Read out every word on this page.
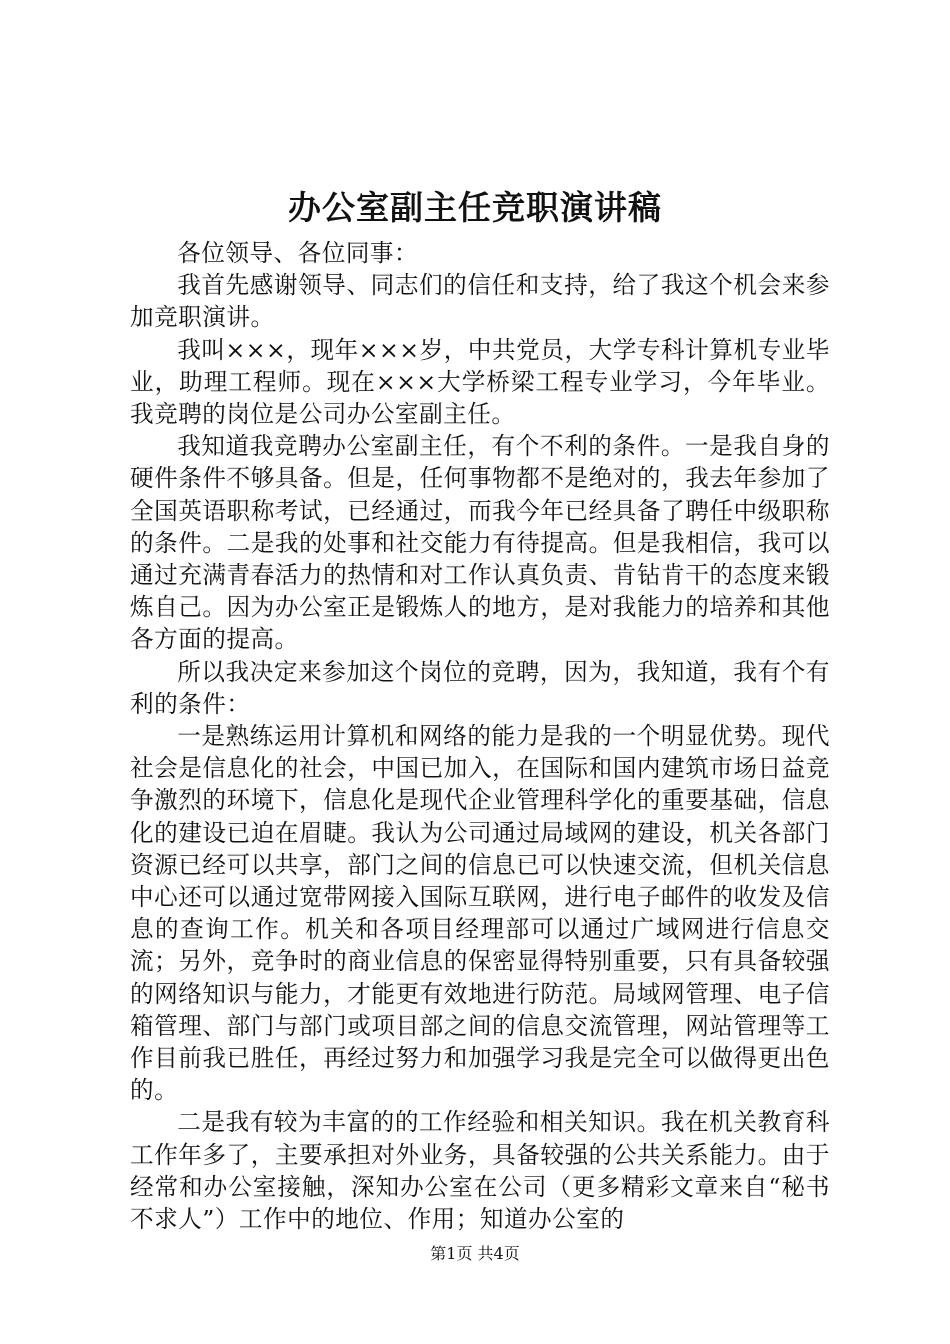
办公室副主任竞职演讲稿

各位领导、各位同事：

我首先感谢领导、同志们的信任和支持，给了我这个机会来参加竞职演讲。

我叫×××，现年×××岁，中共党员，大学专科计算机专业毕业，助理工程师。现在×××大学桥梁工程专业学习，今年毕业。我竞聘的岗位是公司办公室副主任。

我知道我竞聘办公室副主任，有个不利的条件。一是我自身的硬件条件不够具备。但是，任何事物都不是绝对的，我去年参加了全国英语职称考试，已经通过，而我今年已经具备了聘任中级职称的条件。二是我的处事和社交能力有待提高。但是我相信，我可以通过充满青春活力的热情和对工作认真负责、肯钻肯干的态度来锻炼自己。因为办公室正是锻炼人的地方，是对我能力的培养和其他各方面的提高。

所以我决定来参加这个岗位的竞聘，因为，我知道，我有个有利的条件：

一是熟练运用计算机和网络的能力是我的一个明显优势。现代社会是信息化的社会，中国已加入，在国际和国内建筑市场日益竞争激烈的环境下，信息化是现代企业管理科学化的重要基础，信息化的建设已迫在眉睫。我认为公司通过局域网的建设，机关各部门资源已经可以共享，部门之间的信息已可以快速交流，但机关信息中心还可以通过宽带网接入国际互联网，进行电子邮件的收发及信息的查询工作。机关和各项目经理部可以通过广域网进行信息交流；另外，竞争时的商业信息的保密显得特别重要，只有具备较强的网络知识与能力，才能更有效地进行防范。局域网管理、电子信箱管理、部门与部门或项目部之间的信息交流管理，网站管理等工作目前我已胜任，再经过努力和加强学习我是完全可以做得更出色的。

二是我有较为丰富的的工作经验和相关知识。我在机关教育科工作年多了，主要承担对外业务，具备较强的公共关系能力。由于经常和办公室接触，深知办公室在公司（更多精彩文章来自“秘书不求人”）工作中的地位、作用；知道办公室的

第1页 共4页
